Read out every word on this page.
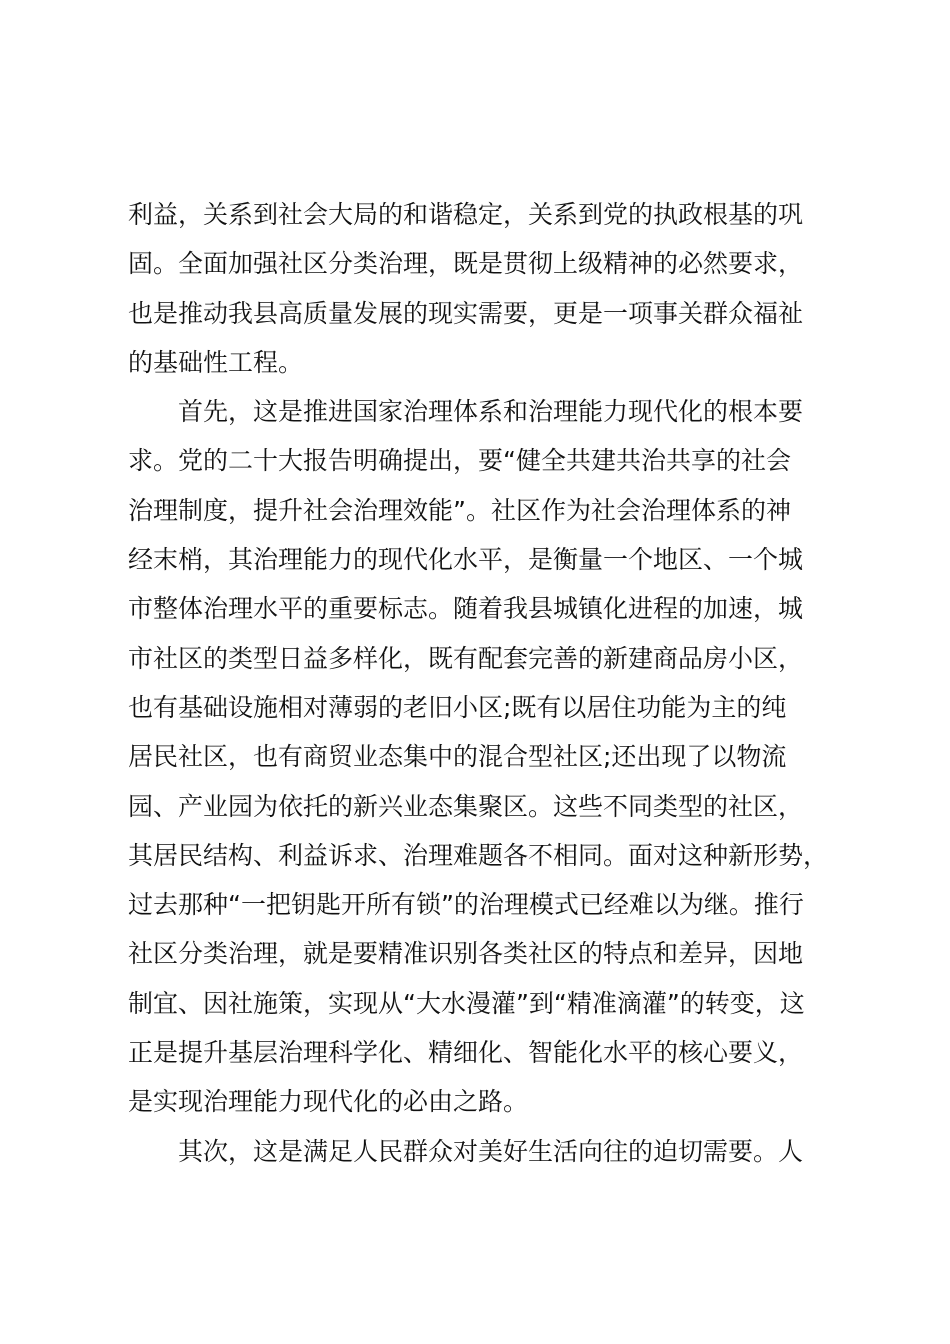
利益，关系到社会大局的和谐稳定，关系到党的执政根基的巩
固。全面加强社区分类治理，既是贯彻上级精神的必然要求，
也是推动我县高质量发展的现实需要，更是一项事关群众福祉
的基础性工程。
首先，这是推进国家治理体系和治理能力现代化的根本要
求。党的二十大报告明确提出，要“健全共建共治共享的社会
治理制度，提升社会治理效能”。社区作为社会治理体系的神
经末梢，其治理能力的现代化水平，是衡量一个地区、一个城
市整体治理水平的重要标志。随着我县城镇化进程的加速，城
市社区的类型日益多样化，既有配套完善的新建商品房小区，
也有基础设施相对薄弱的老旧小区;既有以居住功能为主的纯
居民社区，也有商贸业态集中的混合型社区;还出现了以物流
园、产业园为依托的新兴业态集聚区。这些不同类型的社区，
其居民结构、利益诉求、治理难题各不相同。面对这种新形势，
过去那种“一把钥匙开所有锁”的治理模式已经难以为继。推行
社区分类治理，就是要精准识别各类社区的特点和差异，因地
制宜、因社施策，实现从“大水漫灌”到“精准滴灌”的转变，这
正是提升基层治理科学化、精细化、智能化水平的核心要义，
是实现治理能力现代化的必由之路。
其次，这是满足人民群众对美好生活向往的迫切需要。人
